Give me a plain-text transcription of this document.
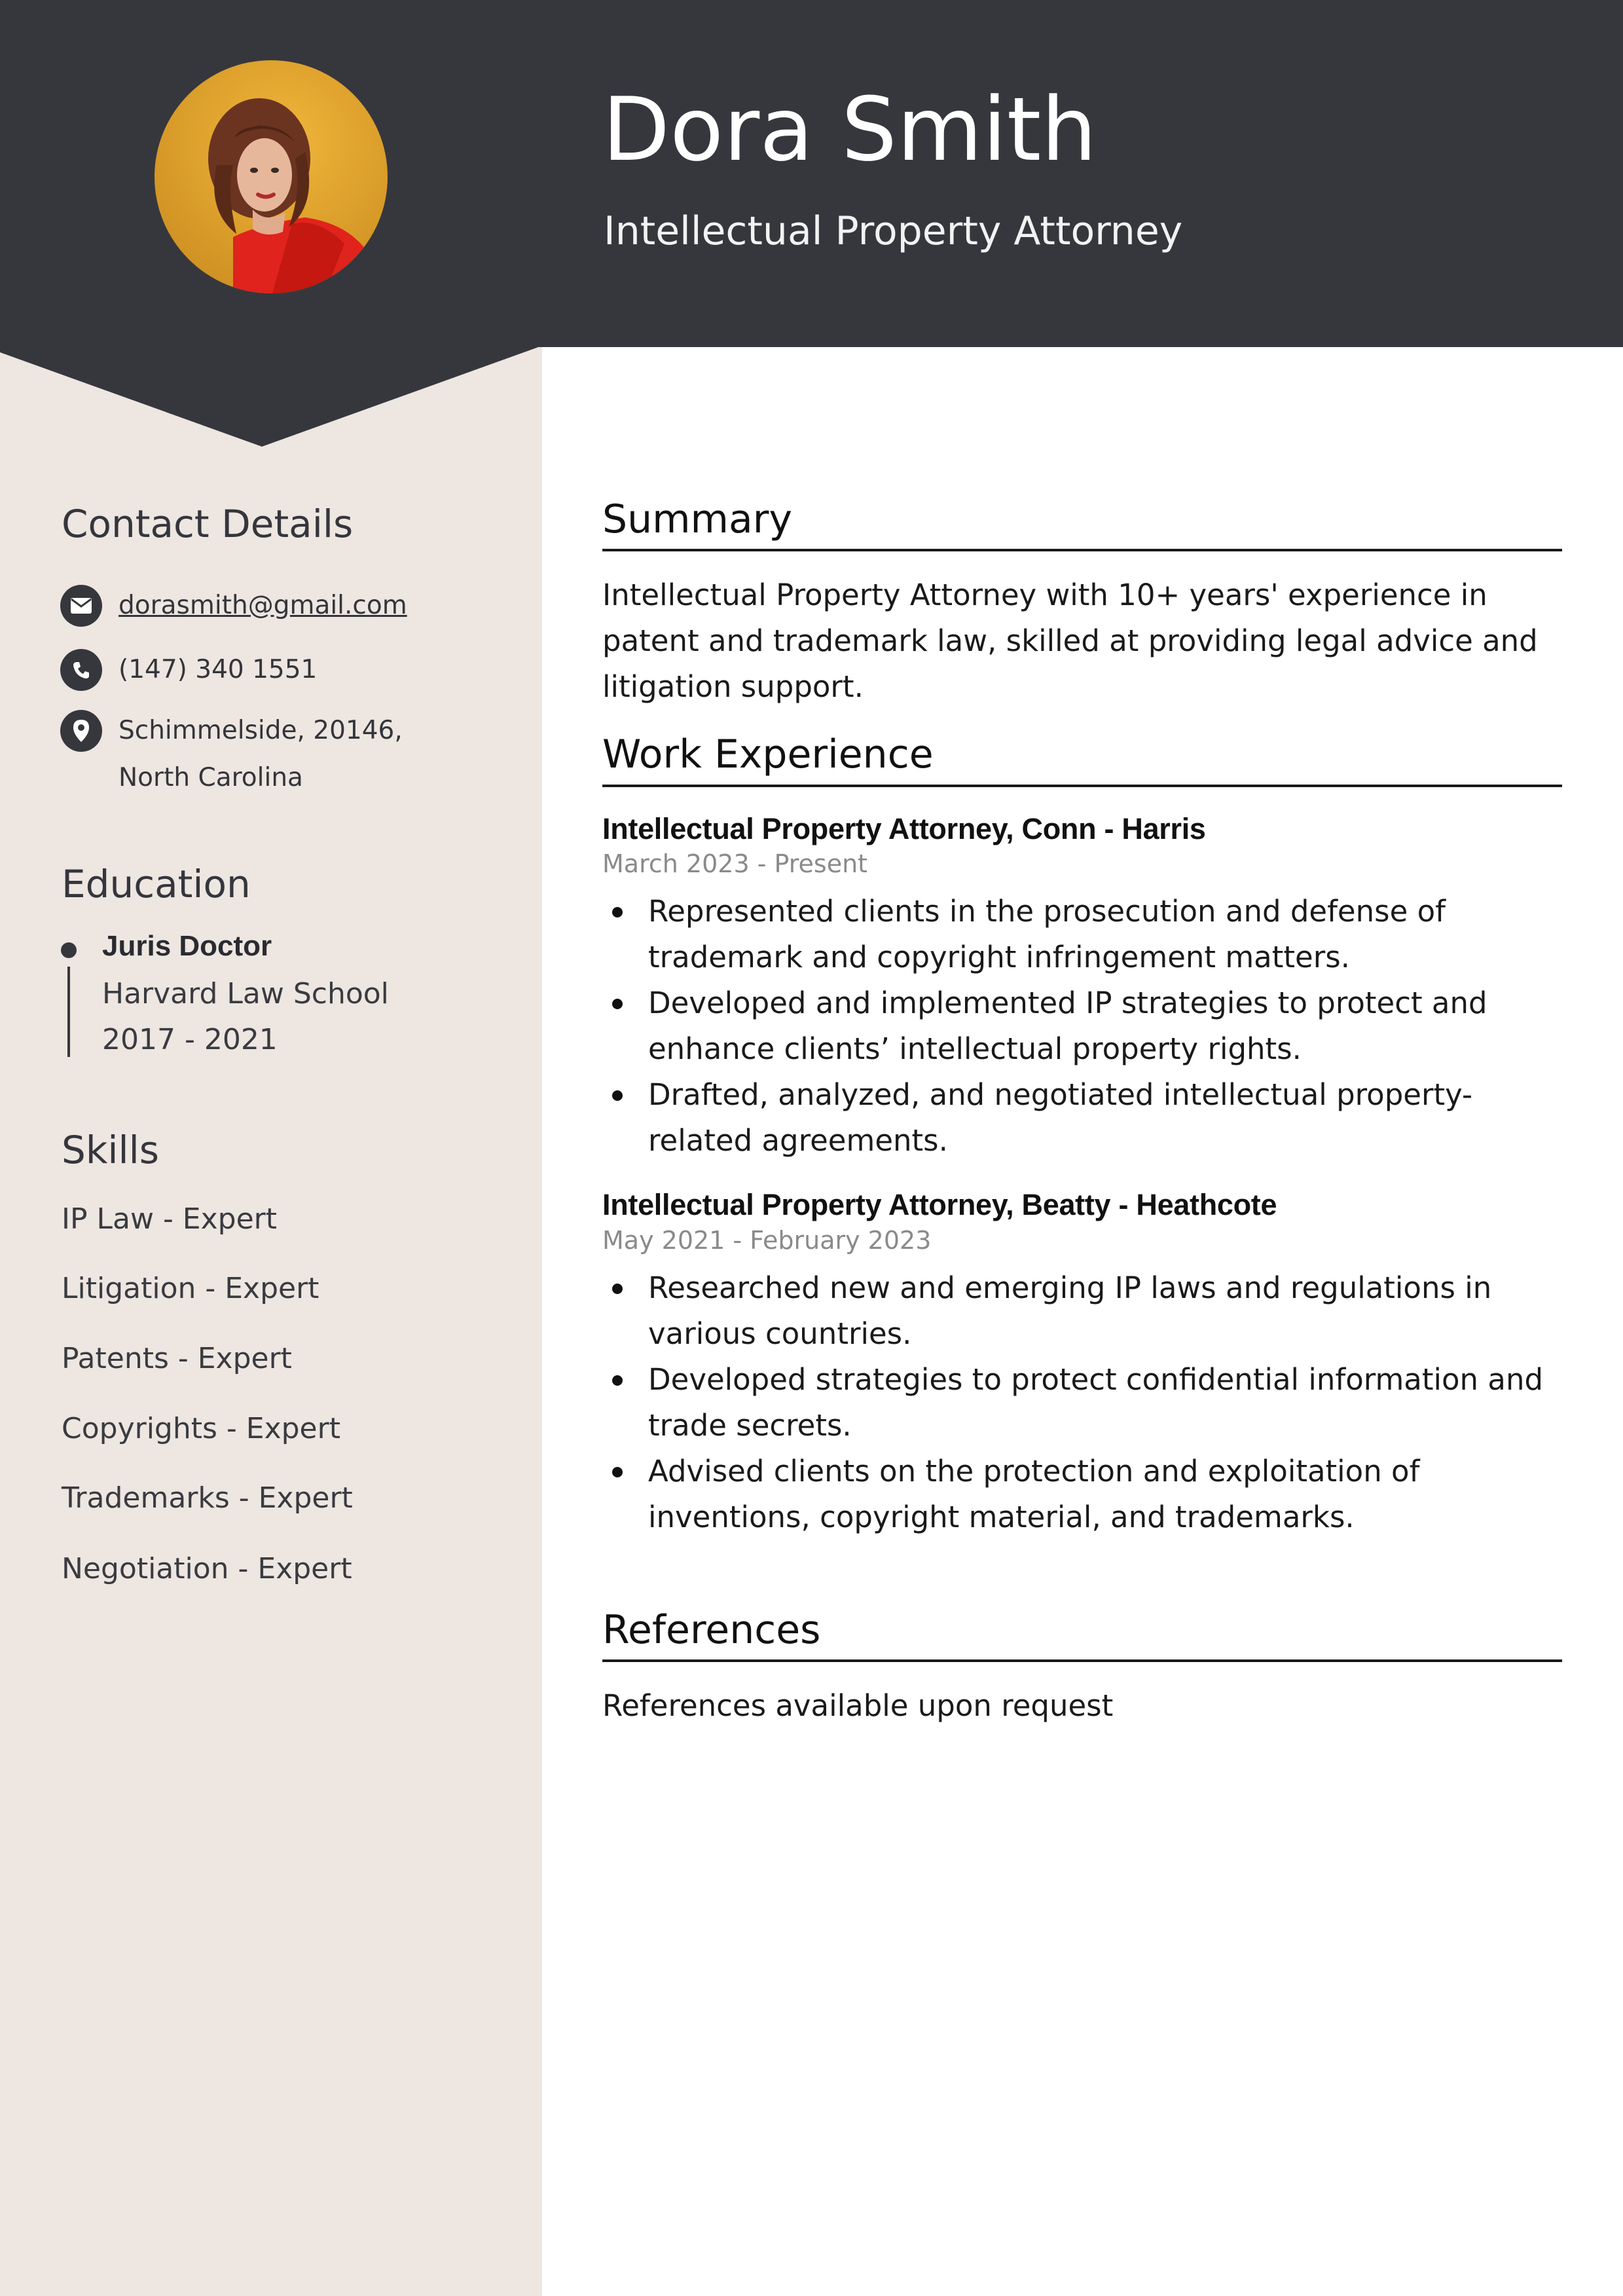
Dora Smith
Intellectual Property Attorney
Contact Details
dorasmith@gmail.com
(147) 340 1551
Schimmelside, 20146, North Carolina
Education
Juris Doctor
Harvard Law School
2017 - 2021
Skills
IP Law - Expert
Litigation - Expert
Patents - Expert
Copyrights - Expert
Trademarks - Expert
Negotiation - Expert
Summary
Intellectual Property Attorney with 10+ years' experience in patent and trademark law, skilled at providing legal advice and litigation support.
Work Experience
Intellectual Property Attorney, Conn - Harris
March 2023 - Present
Represented clients in the prosecution and defense of trademark and copyright infringement matters.
Developed and implemented IP strategies to protect and enhance clients’ intellectual property rights.
Drafted, analyzed, and negotiated intellectual property-related agreements.
Intellectual Property Attorney, Beatty - Heathcote
May 2021 - February 2023
Researched new and emerging IP laws and regulations in various countries.
Developed strategies to protect confidential information and trade secrets.
Advised clients on the protection and exploitation of inventions, copyright material, and trademarks.
References
References available upon request
